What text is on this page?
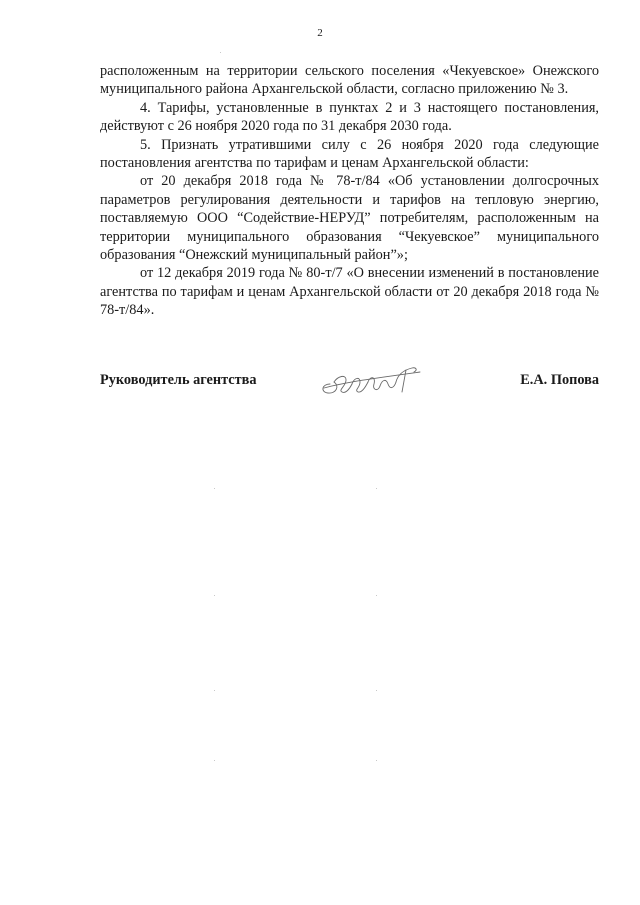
2

расположенным на территории сельского поселения «Чекуевское» Онежского муниципального района Архангельской области, согласно приложению № 3.

4. Тарифы, установленные в пунктах 2 и 3 настоящего постановления, действуют с 26 ноября 2020 года по 31 декабря 2030 года.

5. Признать утратившими силу с 26 ноября 2020 года следующие постановления агентства по тарифам и ценам Архангельской области:

от 20 декабря 2018 года № 78-т/84 «Об установлении долгосрочных параметров регулирования деятельности и тарифов на тепловую энергию, поставляемую ООО “Содействие-НЕРУД” потребителям, расположенным на территории муниципального образования “Чекуевское” муниципального образования “Онежский муниципальный район”»;

от 12 декабря 2019 года № 80-т/7 «О внесении изменений в постановление агентства по тарифам и ценам Архангельской области от 20 декабря 2018 года № 78-т/84».

Руководитель агентства	Е.А. Попова
